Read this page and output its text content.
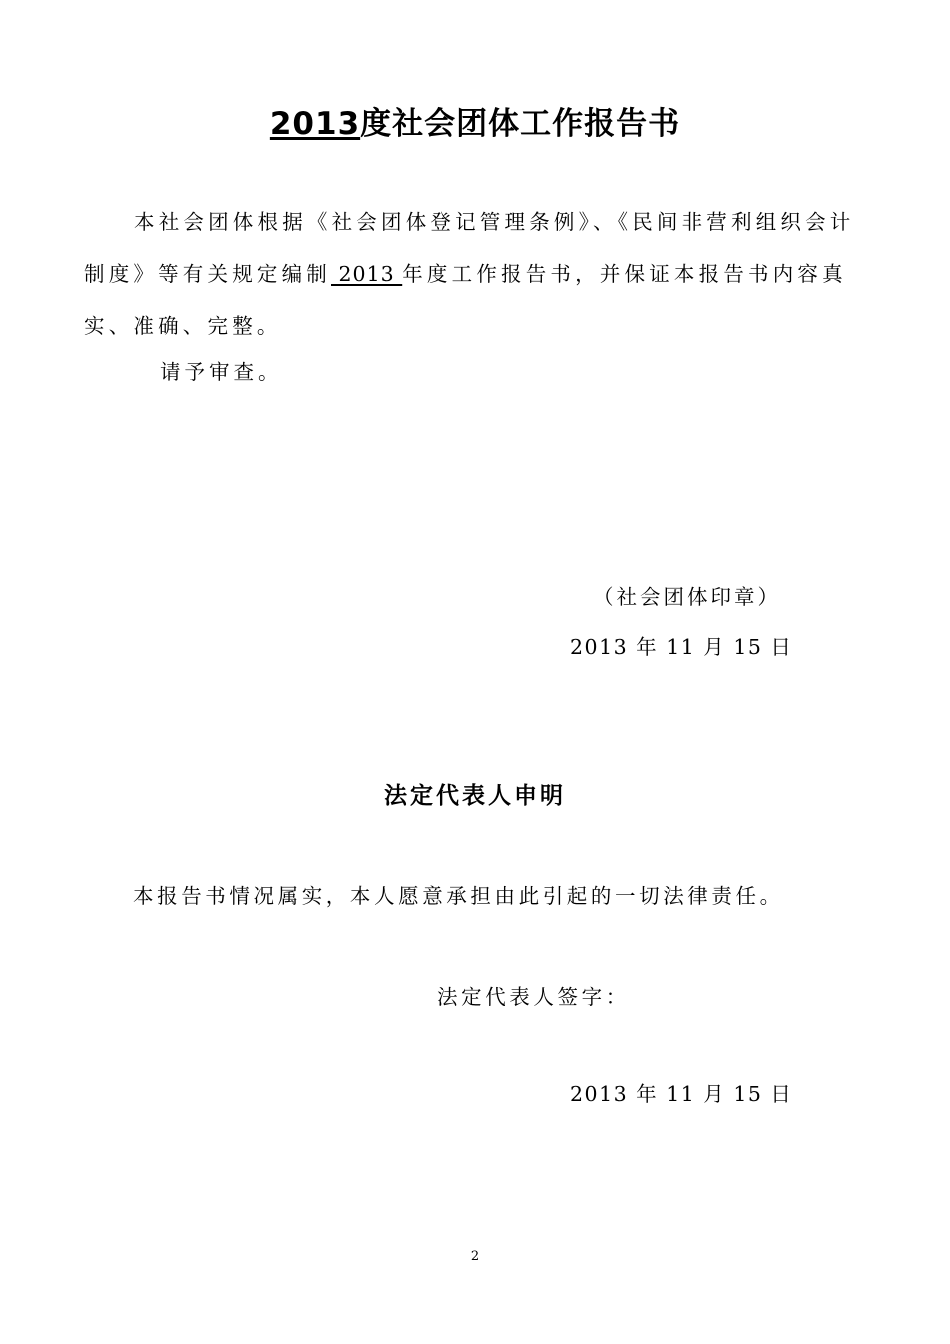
2013度社会团体工作报告书
本社会团体根据《社会团体登记管理条例》、《民间非营利组织会计
制度》等有关规定编制 2013 年度工作报告书，并保证本报告书内容真
实、准确、完整。
请予审查。
（社会团体印章）
2013 年 11 月 15 日
法定代表人申明
本报告书情况属实，本人愿意承担由此引起的一切法律责任。
法定代表人签字：
2013 年 11 月 15 日
2
